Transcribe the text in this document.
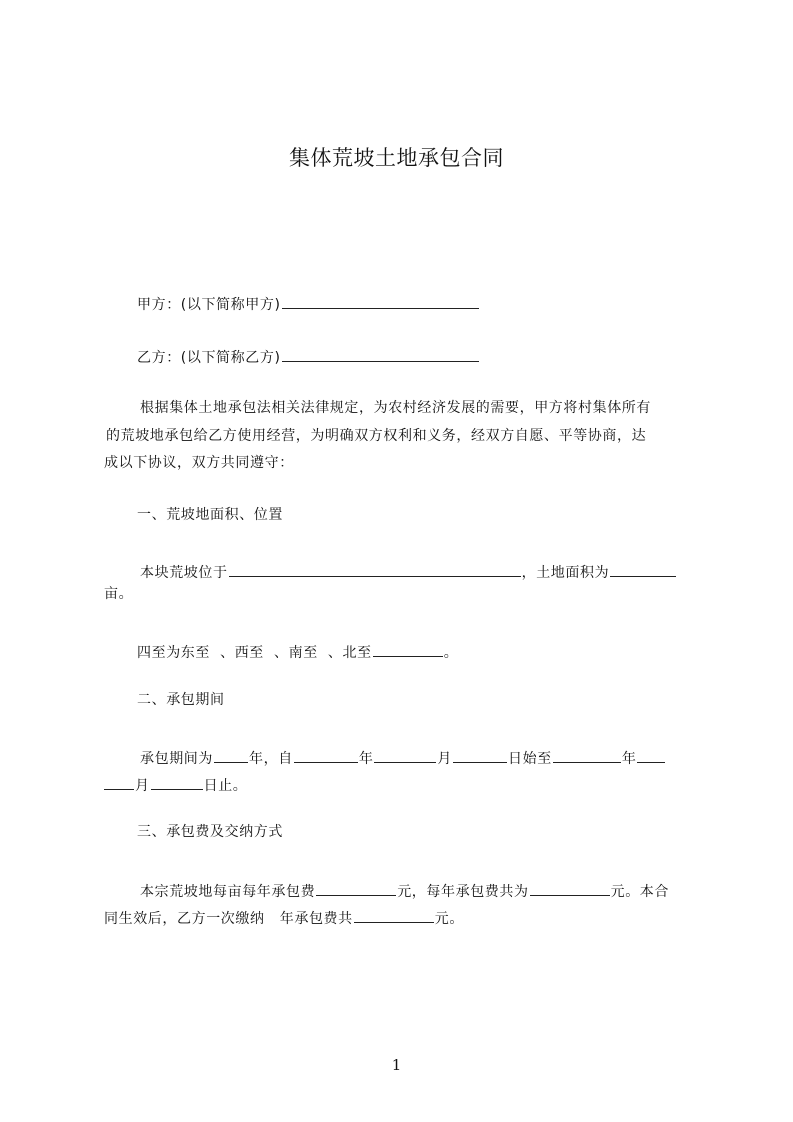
集体荒坡土地承包合同
甲方：(以下简称甲方)
乙方：(以下简称乙方)
根据集体土地承包法相关法律规定，为农村经济发展的需要，甲方将村集体所有
的荒坡地承包给乙方使用经营，为明确双方权利和义务，经双方自愿、平等协商，达
成以下协议，双方共同遵守：
一、荒坡地面积、位置
本块荒坡位于	，土地面积为
亩。
四至为东至  、西至  、南至  、北至	。
二、承包期间
承包期间为	年，自	年	月	日始至	年
月	日止。
三、承包费及交纳方式
本宗荒坡地每亩每年承包费	元，每年承包费共为	元。本合
同生效后，乙方一次缴纳   年承包费共	元。
1
